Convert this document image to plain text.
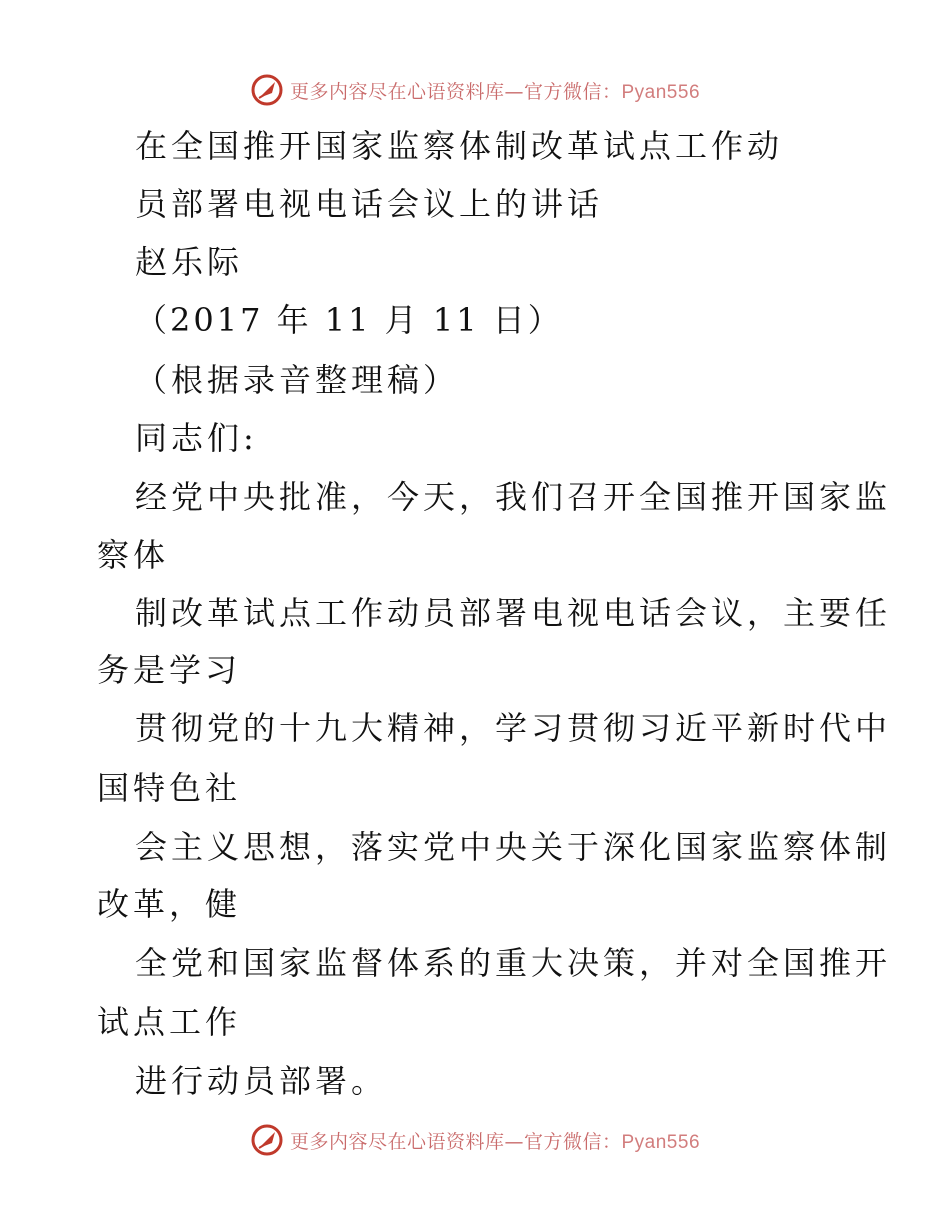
更多内容尽在心语资料库—官方微信：Pyan556
在全国推开国家监察体制改革试点工作动
员部署电视电话会议上的讲话
赵乐际
（2017 年 11 月 11 日）
（根据录音整理稿）
同志们:
经党中央批准，今天，我们召开全国推开国家监
察体
制改革试点工作动员部署电视电话会议，主要任
务是学习
贯彻党的十九大精神，学习贯彻习近平新时代中
国特色社
会主义思想，落实党中央关于深化国家监察体制
改革，健
全党和国家监督体系的重大决策，并对全国推开
试点工作
进行动员部署。
更多内容尽在心语资料库—官方微信：Pyan556
